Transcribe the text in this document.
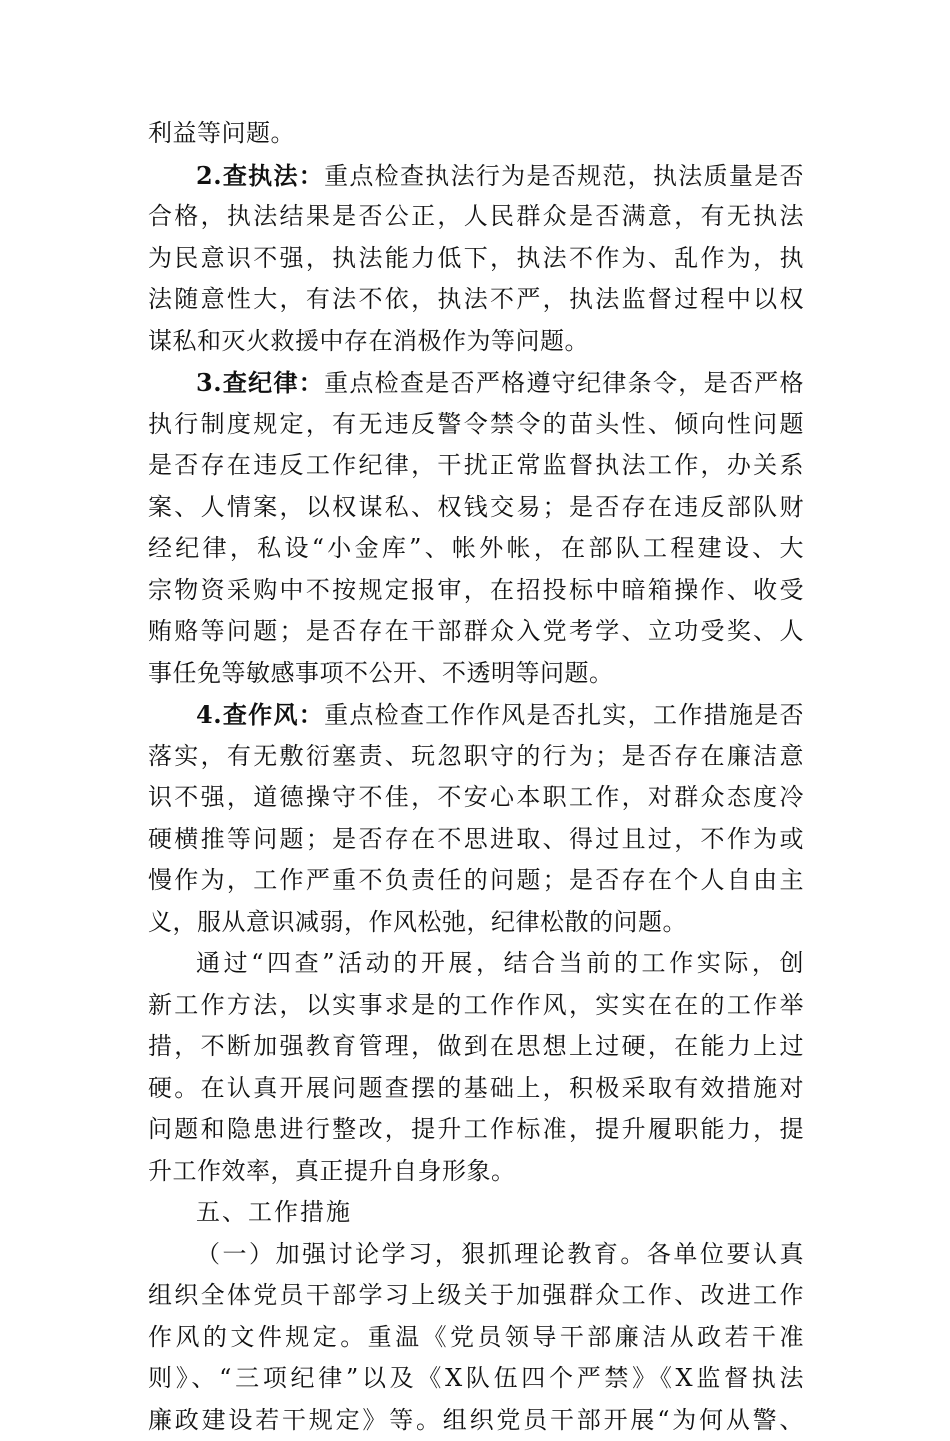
利益等问题。
2.查执法：重点检查执法行为是否规范，执法质量是否
合格，执法结果是否公正，人民群众是否满意，有无执法
为民意识不强，执法能力低下，执法不作为、乱作为，执
法随意性大，有法不依，执法不严，执法监督过程中以权
谋私和灭火救援中存在消极作为等问题。
3.查纪律：重点检查是否严格遵守纪律条令，是否严格
执行制度规定，有无违反警令禁令的苗头性、倾向性问题
是否存在违反工作纪律，干扰正常监督执法工作，办关系
案、人情案，以权谋私、权钱交易；是否存在违反部队财
经纪律，私设“小金库”、帐外帐，在部队工程建设、大
宗物资采购中不按规定报审，在招投标中暗箱操作、收受
贿赂等问题；是否存在干部群众入党考学、立功受奖、人
事任免等敏感事项不公开、不透明等问题。
4.查作风：重点检查工作作风是否扎实，工作措施是否
落实，有无敷衍塞责、玩忽职守的行为；是否存在廉洁意
识不强，道德操守不佳，不安心本职工作，对群众态度冷
硬横推等问题；是否存在不思进取、得过且过，不作为或
慢作为，工作严重不负责任的问题；是否存在个人自由主
义，服从意识减弱，作风松弛，纪律松散的问题。
通过“四查”活动的开展，结合当前的工作实际，创
新工作方法，以实事求是的工作作风，实实在在的工作举
措，不断加强教育管理，做到在思想上过硬，在能力上过
硬。在认真开展问题查摆的基础上，积极采取有效措施对
问题和隐患进行整改，提升工作标准，提升履职能力，提
升工作效率，真正提升自身形象。
五、工作措施
（一）加强讨论学习，狠抓理论教育。各单位要认真
组织全体党员干部学习上级关于加强群众工作、改进工作
作风的文件规定。重温《党员领导干部廉洁从政若干准
则》、“三项纪律”以及《X队伍四个严禁》《X监督执法
廉政建设若干规定》等。组织党员干部开展“为何从警、
